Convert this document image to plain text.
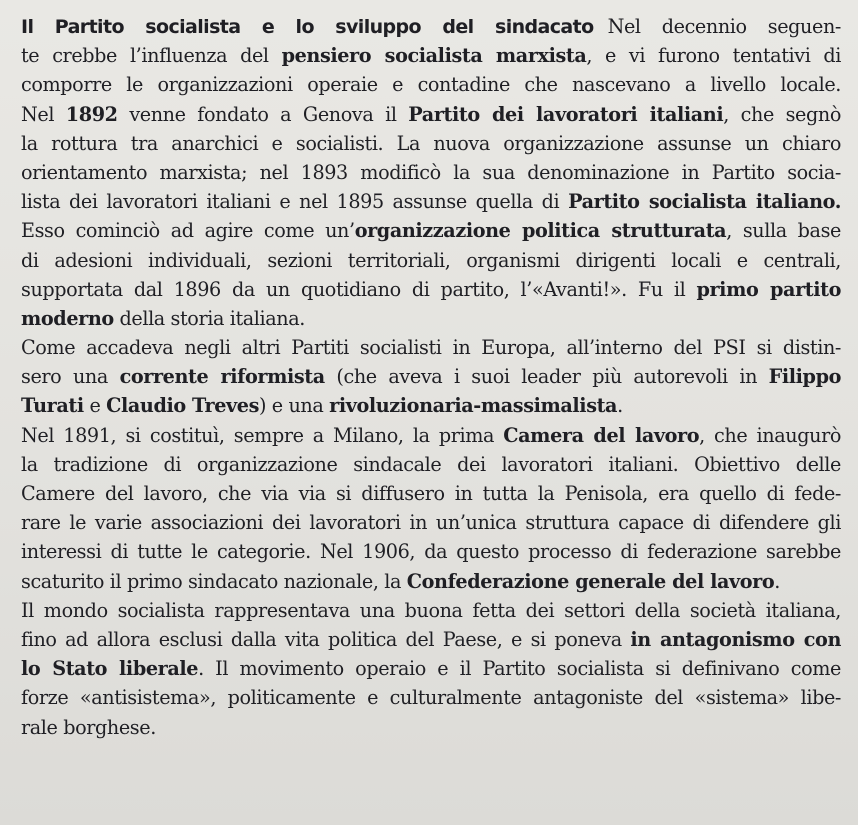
Il Partito socialista e lo sviluppo del sindacato Nel decennio seguen-
te crebbe l’influenza del pensiero socialista marxista, e vi furono tentativi di
comporre le organizzazioni operaie e contadine che nascevano a livello locale.
Nel 1892 venne fondato a Genova il Partito dei lavoratori italiani, che segnò
la rottura tra anarchici e socialisti. La nuova organizzazione assunse un chiaro
orientamento marxista; nel 1893 modificò la sua denominazione in Partito socia-
lista dei lavoratori italiani e nel 1895 assunse quella di Partito socialista italiano.
Esso cominciò ad agire come un’organizzazione politica strutturata, sulla base
di adesioni individuali, sezioni territoriali, organismi dirigenti locali e centrali,
supportata dal 1896 da un quotidiano di partito, l’«Avanti!». Fu il primo partito
moderno della storia italiana.
Come accadeva negli altri Partiti socialisti in Europa, all’interno del PSI si distin-
sero una corrente riformista (che aveva i suoi leader più autorevoli in Filippo
Turati e Claudio Treves) e una rivoluzionaria-massimalista.
Nel 1891, si costituì, sempre a Milano, la prima Camera del lavoro, che inaugurò
la tradizione di organizzazione sindacale dei lavoratori italiani. Obiettivo delle
Camere del lavoro, che via via si diffusero in tutta la Penisola, era quello di fede-
rare le varie associazioni dei lavoratori in un’unica struttura capace di difendere gli
interessi di tutte le categorie. Nel 1906, da questo processo di federazione sarebbe
scaturito il primo sindacato nazionale, la Confederazione generale del lavoro.
Il mondo socialista rappresentava una buona fetta dei settori della società italiana,
fino ad allora esclusi dalla vita politica del Paese, e si poneva in antagonismo con
lo Stato liberale. Il movimento operaio e il Partito socialista si definivano come
forze «antisistema», politicamente e culturalmente antagoniste del «sistema» libe-
rale borghese.
